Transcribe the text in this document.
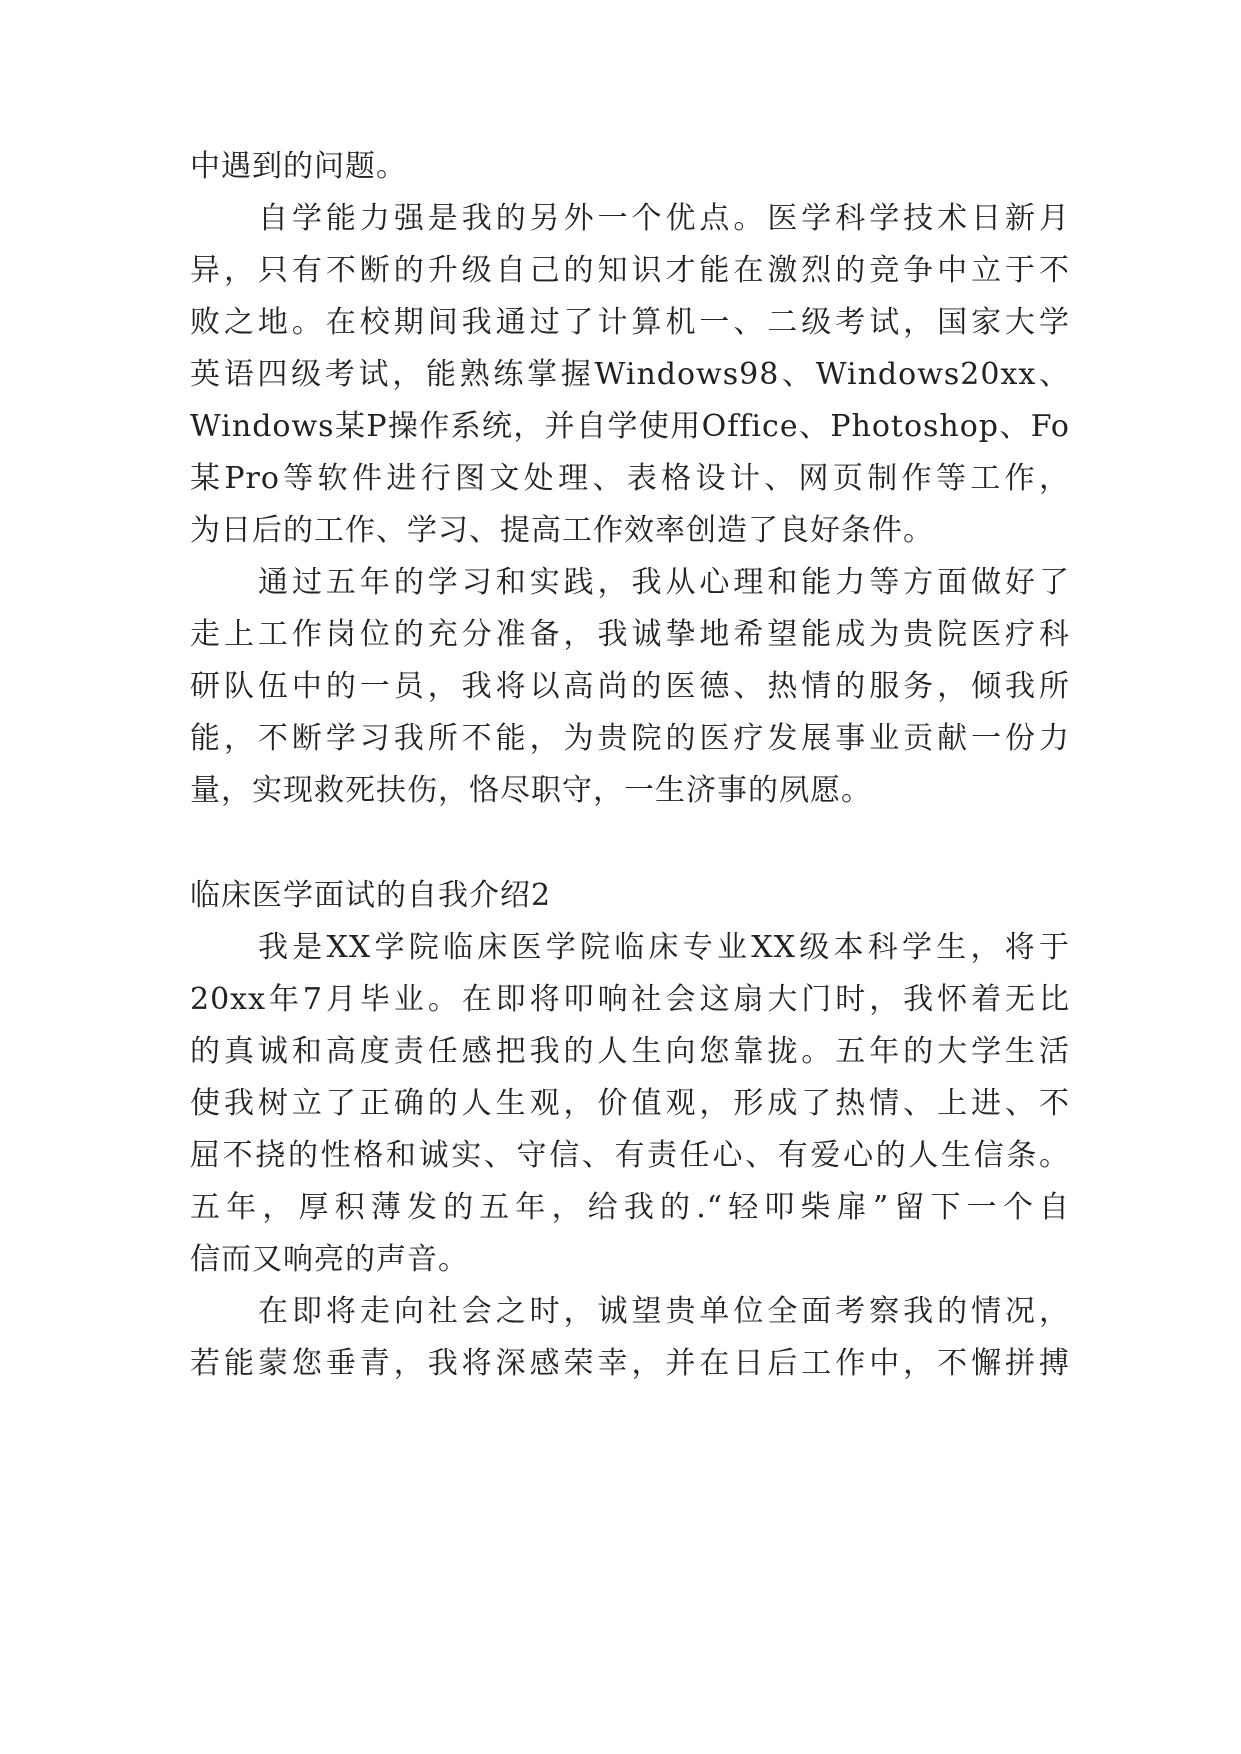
中遇到的问题。

自学能力强是我的另外一个优点。医学科学技术日新月

异，只有不断的升级自己的知识才能在激烈的竞争中立于不

败之地。在校期间我通过了计算机一、二级考试，国家大学

英语四级考试，能熟练掌握Windows98、Windows20xx、

Windows某P操作系统，并自学使用Office、Photoshop、Fo

某Pro等软件进行图文处理、表格设计、网页制作等工作，

为日后的工作、学习、提高工作效率创造了良好条件。

通过五年的学习和实践，我从心理和能力等方面做好了

走上工作岗位的充分准备，我诚挚地希望能成为贵院医疗科

研队伍中的一员，我将以高尚的医德、热情的服务，倾我所

能，不断学习我所不能，为贵院的医疗发展事业贡献一份力

量，实现救死扶伤，恪尽职守，一生济事的夙愿。

临床医学面试的自我介绍2

我是XX学院临床医学院临床专业XX级本科学生，将于

20xx年7月毕业。在即将叩响社会这扇大门时，我怀着无比

的真诚和高度责任感把我的人生向您靠拢。五年的大学生活

使我树立了正确的人生观，价值观，形成了热情、上进、不

屈不挠的性格和诚实、守信、有责任心、有爱心的人生信条。

五年，厚积薄发的五年，给我的.“轻叩柴扉”留下一个自

信而又响亮的声音。

在即将走向社会之时，诚望贵单位全面考察我的情况，

若能蒙您垂青，我将深感荣幸，并在日后工作中，不懈拼搏
